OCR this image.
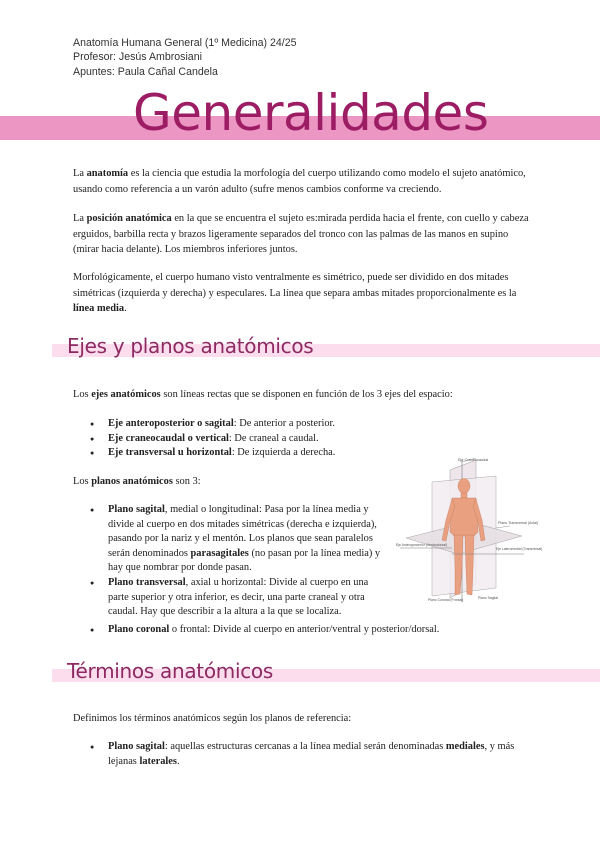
Anatomía Humana General (1º Medicina) 24/25
Profesor: Jesús Ambrosiani
Apuntes: Paula Cañal Candela
Generalidades

La anatomía es la ciencia que estudia la morfología del cuerpo utilizando como modelo el sujeto anatómico, usando como referencia a un varón adulto (sufre menos cambios conforme va creciendo.

La posición anatómica en la que se encuentra el sujeto es:mirada perdida hacia el frente, con cuello y cabeza erguidos, barbilla recta y brazos ligeramente separados del tronco con las palmas de las manos en supino (mirar hacia delante). Los miembros inferiores juntos.

Morfológicamente, el cuerpo humano visto ventralmente es simétrico, puede ser dividido en dos mitades simétricas (izquierda y derecha) y especulares. La línea que separa ambas mitades proporcionalmente es la línea media.

Ejes y planos anatómicos

Los ejes anatómicos son líneas rectas que se disponen en función de los 3 ejes del espacio:

● Eje anteroposterior o sagital: De anterior a posterior.
● Eje craneocaudal o vertical: De craneal a caudal.
● Eje transversal u horizontal: De izquierda a derecha.

Los planos anatómicos son 3:

● Plano sagital, medial o longitudinal: Pasa por la línea media y divide al cuerpo en dos mitades simétricas (derecha e izquierda), pasando por la nariz y el mentón. Los planos que sean paralelos serán denominados parasagitales (no pasan por la línea media) y hay que nombrar por donde pasan.
● Plano transversal, axial u horizontal: Divide al cuerpo en una parte superior y otra inferior, es decir, una parte craneal y otra caudal. Hay que describir a la altura a la que se localiza.
● Plano coronal o frontal: Divide al cuerpo en anterior/ventral y posterior/dorsal.
Eje Craneocaudal
Plano Transversal (Axial)
Eje Anteroposterior (Ventrodorsal)
Eje Lateromedial (Transversal)
Plano Coronal (Frontal)	Plano Sagital
Términos anatómicos

Definimos los términos anatómicos según los planos de referencia:

● Plano sagital: aquellas estructuras cercanas a la línea medial serán denominadas mediales, y más lejanas laterales.
